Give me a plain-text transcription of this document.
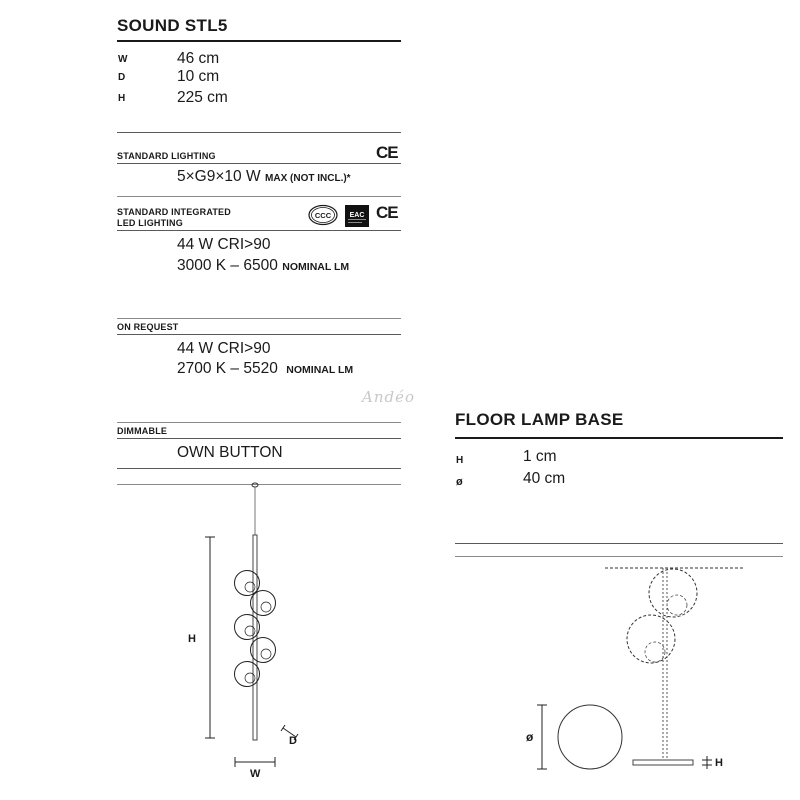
SOUND STL5
W	46 cm
D	10 cm
H	225 cm
STANDARD LIGHTING	CE
5×G9×10 W MAX (NOT INCL.)*
STANDARD INTEGRATED
LED LIGHTING
CCC	EAC CE
44 W CRI>90
3000 K – 6500 NOMINAL LM
ON REQUEST
44 W CRI>90
2700 K – 5520 NOMINAL LM
Andéo
DIMMABLE
OWN BUTTON
FLOOR LAMP BASE
H	1 cm
ø	40 cm
H
D
W
ø
H
